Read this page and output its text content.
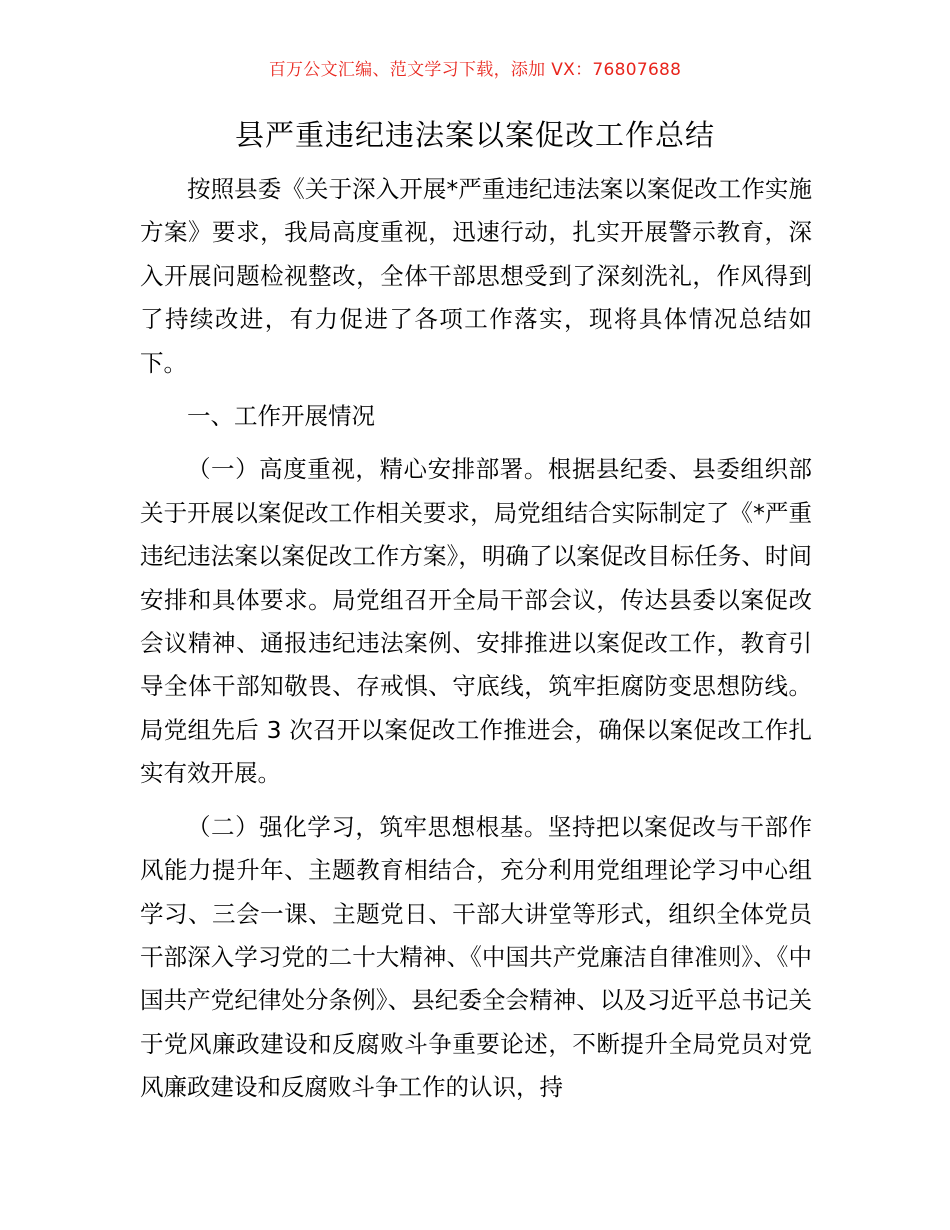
百万公文汇编、范文学习下载，添加 VX：76807688
县严重违纪违法案以案促改工作总结

按照县委《关于深入开展*严重违纪违法案以案促改工作实施方案》要求，我局高度重视，迅速行动，扎实开展警示教育，深入开展问题检视整改，全体干部思想受到了深刻洗礼，作风得到了持续改进，有力促进了各项工作落实，现将具体情况总结如下。

一、工作开展情况

（一）高度重视，精心安排部署。根据县纪委、县委组织部关于开展以案促改工作相关要求，局党组结合实际制定了《*严重违纪违法案以案促改工作方案》，明确了以案促改目标任务、时间安排和具体要求。局党组召开全局干部会议，传达县委以案促改会议精神、通报违纪违法案例、安排推进以案促改工作，教育引导全体干部知敬畏、存戒惧、守底线，筑牢拒腐防变思想防线。局党组先后 3 次召开以案促改工作推进会，确保以案促改工作扎实有效开展。

（二）强化学习，筑牢思想根基。坚持把以案促改与干部作风能力提升年、主题教育相结合，充分利用党组理论学习中心组学习、三会一课、主题党日、干部大讲堂等形式，组织全体党员干部深入学习党的二十大精神、《中国共产党廉洁自律准则》、《中国共产党纪律处分条例》、县纪委全会精神、以及习近平总书记关于党风廉政建设和反腐败斗争重要论述，不断提升全局党员对党风廉政建设和反腐败斗争工作的认识，持
